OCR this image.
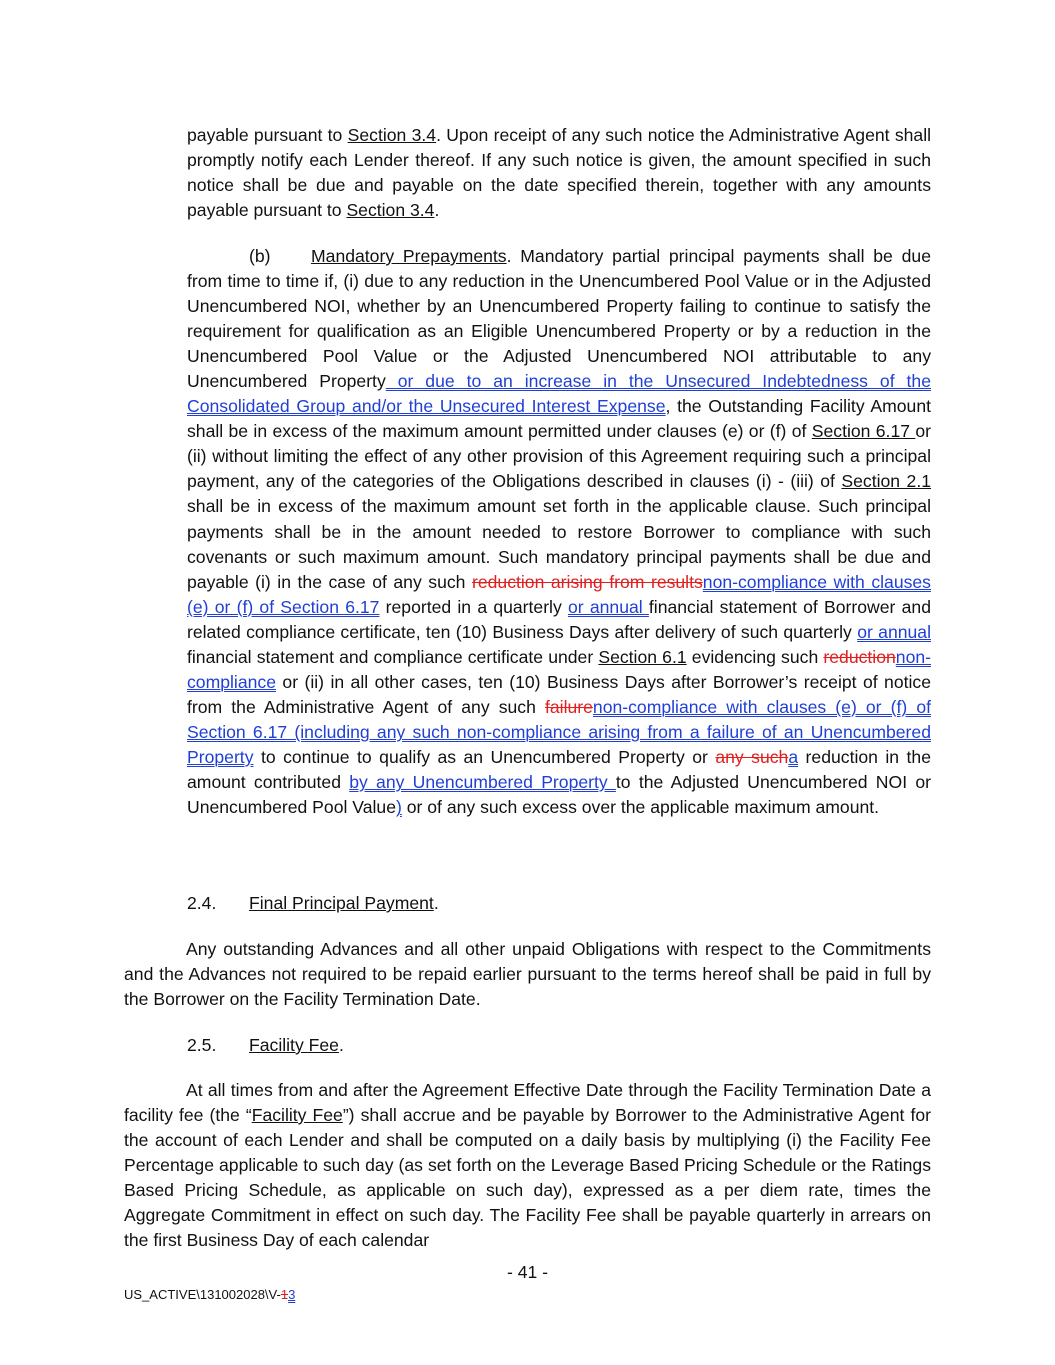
payable pursuant to Section 3.4. Upon receipt of any such notice the Administrative Agent shall promptly notify each Lender thereof. If any such notice is given, the amount specified in such notice shall be due and payable on the date specified therein, together with any amounts payable pursuant to Section 3.4.

(b) Mandatory Prepayments. Mandatory partial principal payments shall be due from time to time if, (i) due to any reduction in the Unencumbered Pool Value or in the Adjusted Unencumbered NOI, whether by an Unencumbered Property failing to continue to satisfy the requirement for qualification as an Eligible Unencumbered Property or by a reduction in the Unencumbered Pool Value or the Adjusted Unencumbered NOI attributable to any Unencumbered Property or due to an increase in the Unsecured Indebtedness of the Consolidated Group and/or the Unsecured Interest Expense, the Outstanding Facility Amount shall be in excess of the maximum amount permitted under clauses (e) or (f) of Section 6.17 or (ii) without limiting the effect of any other provision of this Agreement requiring such a principal payment, any of the categories of the Obligations described in clauses (i) - (iii) of Section 2.1 shall be in excess of the maximum amount set forth in the applicable clause. Such principal payments shall be in the amount needed to restore Borrower to compliance with such covenants or such maximum amount. Such mandatory principal payments shall be due and payable (i) in the case of any such reduction arising from resultsnon-compliance with clauses (e) or (f) of Section 6.17 reported in a quarterly or annual financial statement of Borrower and related compliance certificate, ten (10) Business Days after delivery of such quarterly or annual financial statement and compliance certificate under Section 6.1 evidencing such reductionnon-compliance or (ii) in all other cases, ten (10) Business Days after Borrower’s receipt of notice from the Administrative Agent of any such failurenon-compliance with clauses (e) or (f) of Section 6.17 (including any such non-compliance arising from a failure of an Unencumbered Property to continue to qualify as an Unencumbered Property or any sucha reduction in the amount contributed by any Unencumbered Property to the Adjusted Unencumbered NOI or Unencumbered Pool Value) or of any such excess over the applicable maximum amount.

2.4. Final Principal Payment.

Any outstanding Advances and all other unpaid Obligations with respect to the Commitments and the Advances not required to be repaid earlier pursuant to the terms hereof shall be paid in full by the Borrower on the Facility Termination Date.

2.5. Facility Fee.

At all times from and after the Agreement Effective Date through the Facility Termination Date a facility fee (the “Facility Fee”) shall accrue and be payable by Borrower to the Administrative Agent for the account of each Lender and shall be computed on a daily basis by multiplying (i) the Facility Fee Percentage applicable to such day (as set forth on the Leverage Based Pricing Schedule or the Ratings Based Pricing Schedule, as applicable on such day), expressed as a per diem rate, times the Aggregate Commitment in effect on such day. The Facility Fee shall be payable quarterly in arrears on the first Business Day of each calendar

- 41 -
US_ACTIVE\131002028\V-13
